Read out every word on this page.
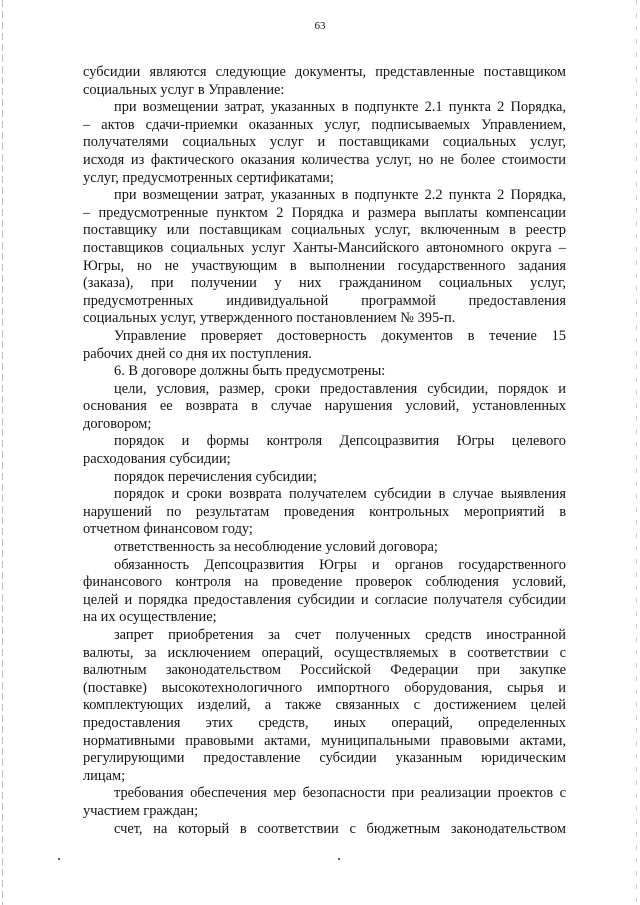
63

субсидии являются следующие документы, представленные поставщиком
социальных услуг в Управление:

при возмещении затрат, указанных в подпункте 2.1 пункта 2 Порядка,
– актов сдачи-приемки оказанных услуг, подписываемых Управлением,
получателями социальных услуг и поставщиками социальных услуг,
исходя из фактического оказания количества услуг, но не более стоимости
услуг, предусмотренных сертификатами;

при возмещении затрат, указанных в подпункте 2.2 пункта 2 Порядка,
– предусмотренные пунктом 2 Порядка и размера выплаты компенсации
поставщику или поставщикам социальных услуг, включенным в реестр
поставщиков социальных услуг Ханты-Мансийского автономного округа –
Югры, но не участвующим в выполнении государственного задания
(заказа), при получении у них гражданином социальных услуг,
предусмотренных индивидуальной программой предоставления
социальных услуг, утвержденного постановлением № 395-п.

Управление проверяет достоверность документов в течение 15
рабочих дней со дня их поступления.

6. В договоре должны быть предусмотрены:

цели, условия, размер, сроки предоставления субсидии, порядок и
основания ее возврата в случае нарушения условий, установленных
договором;

порядок и формы контроля Депсоцразвития Югры целевого
расходования субсидии;

порядок перечисления субсидии;

порядок и сроки возврата получателем субсидии в случае выявления
нарушений по результатам проведения контрольных мероприятий в
отчетном финансовом году;

ответственность за несоблюдение условий договора;

обязанность Депсоцразвития Югры и органов государственного
финансового контроля на проведение проверок соблюдения условий,
целей и порядка предоставления субсидии и согласие получателя субсидии
на их осуществление;

запрет приобретения за счет полученных средств иностранной
валюты, за исключением операций, осуществляемых в соответствии с
валютным законодательством Российской Федерации при закупке
(поставке) высокотехнологичного импортного оборудования, сырья и
комплектующих изделий, а также связанных с достижением целей
предоставления этих средств, иных операций, определенных
нормативными правовыми актами, муниципальными правовыми актами,
регулирующими предоставление субсидии указанным юридическим
лицам;

требования обеспечения мер безопасности при реализации проектов с
участием граждан;

счет, на который в соответствии с бюджетным законодательством
